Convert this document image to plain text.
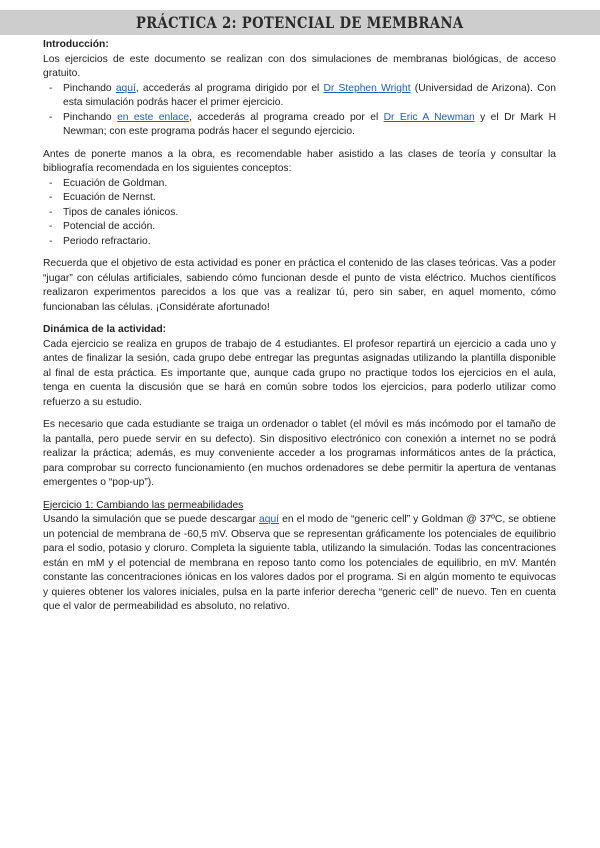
PRÁCTICA 2: POTENCIAL DE MEMBRANA

Introducción:

Los ejercicios de este documento se realizan con dos simulaciones de membranas biológicas, de acceso gratuito.

- Pinchando aquí, accederás al programa dirigido por el Dr Stephen Wright (Universidad de Arizona). Con esta simulación podrás hacer el primer ejercicio.
- Pinchando en este enlace, accederás al programa creado por el Dr Eric A Newman y el Dr Mark H Newman; con este programa podrás hacer el segundo ejercicio.

Antes de ponerte manos a la obra, es recomendable haber asistido a las clases de teoría y consultar la bibliografía recomendada en los siguientes conceptos:

- Ecuación de Goldman.
- Ecuación de Nernst.
- Tipos de canales iónicos.
- Potencial de acción.
- Periodo refractario.

Recuerda que el objetivo de esta actividad es poner en práctica el contenido de las clases teóricas. Vas a poder “jugar” con células artificiales, sabiendo cómo funcionan desde el punto de vista eléctrico. Muchos científicos realizaron experimentos parecidos a los que vas a realizar tú, pero sin saber, en aquel momento, cómo funcionaban las células. ¡Considérate afortunado!

Dinámica de la actividad:

Cada ejercicio se realiza en grupos de trabajo de 4 estudiantes. El profesor repartirá un ejercicio a cada uno y antes de finalizar la sesión, cada grupo debe entregar las preguntas asignadas utilizando la plantilla disponible al final de esta práctica. Es importante que, aunque cada grupo no practique todos los ejercicios en el aula, tenga en cuenta la discusión que se hará en común sobre todos los ejercicios, para poderlo utilizar como refuerzo a su estudio.

Es necesario que cada estudiante se traiga un ordenador o tablet (el móvil es más incómodo por el tamaño de la pantalla, pero puede servir en su defecto). Sin dispositivo electrónico con conexión a internet no se podrá realizar la práctica; además, es muy conveniente acceder a los programas informáticos antes de la práctica, para comprobar su correcto funcionamiento (en muchos ordenadores se debe permitir la apertura de ventanas emergentes o “pop-up”).

Ejercicio 1: Cambiando las permeabilidades

Usando la simulación que se puede descargar aquí en el modo de “generic cell” y Goldman @ 37ºC, se obtiene un potencial de membrana de -60,5 mV. Observa que se representan gráficamente los potenciales de equilibrio para el sodio, potasio y cloruro. Completa la siguiente tabla, utilizando la simulación. Todas las concentraciones están en mM y el potencial de membrana en reposo tanto como los potenciales de equilibrio, en mV. Mantén constante las concentraciones iónicas en los valores dados por el programa. Si en algún momento te equivocas y quieres obtener los valores iniciales, pulsa en la parte inferior derecha “generic cell” de nuevo. Ten en cuenta que el valor de permeabilidad es absoluto, no relativo.
